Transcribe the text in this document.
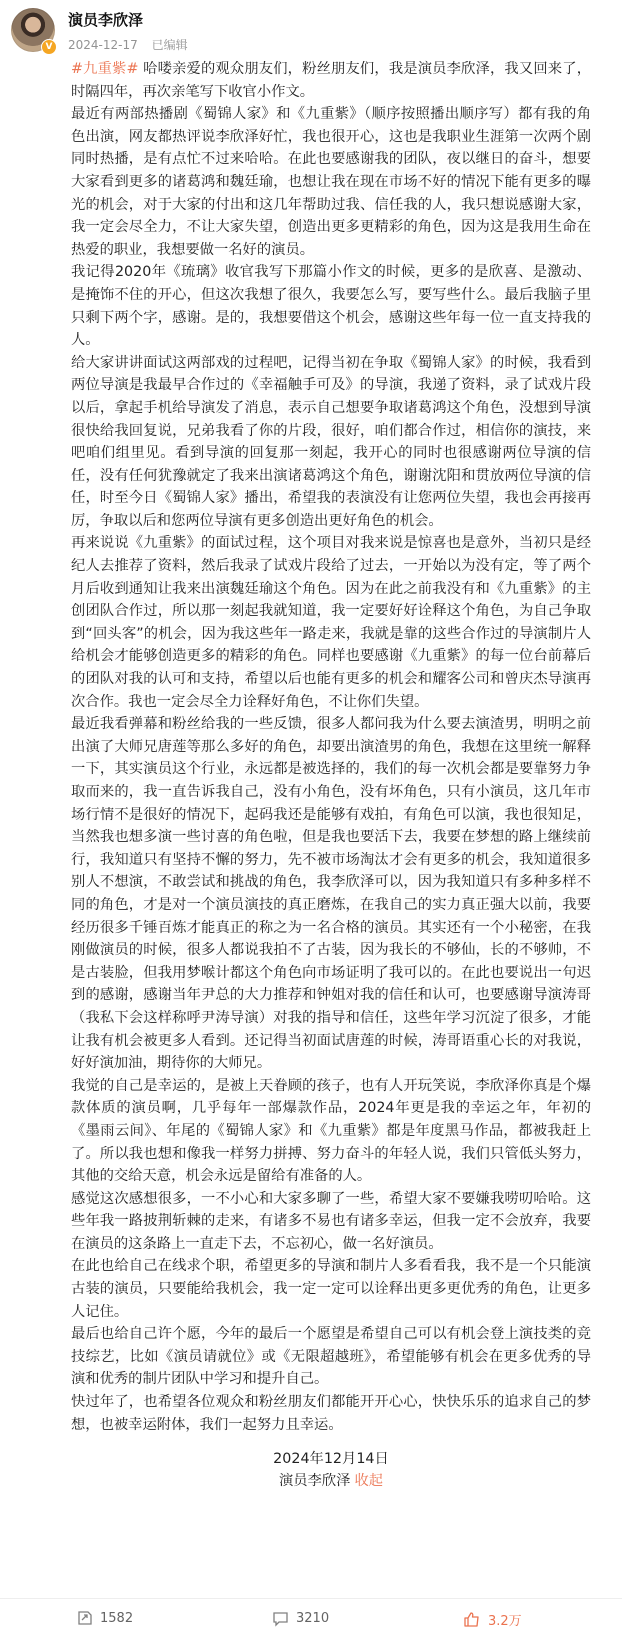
V
演员李欣泽
2024-12-17 已编辑

#九重紫# 哈喽亲爱的观众朋友们，粉丝朋友们，我是演员李欣泽，我又回来了，时隔四年，再次亲笔写下收官小作文。

最近有两部热播剧《蜀锦人家》和《九重紫》（顺序按照播出顺序写）都有我的角色出演，网友都热评说李欣泽好忙，我也很开心，这也是我职业生涯第一次两个剧同时热播，是有点忙不过来哈哈。在此也要感谢我的团队，夜以继日的奋斗，想要大家看到更多的诸葛鸿和魏廷瑜，也想让我在现在市场不好的情况下能有更多的曝光的机会，对于大家的付出和这几年帮助过我、信任我的人，我只想说感谢大家，我一定会尽全力，不让大家失望，创造出更多更精彩的角色，因为这是我用生命在热爱的职业，我想要做一名好的演员。

我记得2020年《琉璃》收官我写下那篇小作文的时候，更多的是欣喜、是激动、是掩饰不住的开心，但这次我想了很久，我要怎么写，要写些什么。最后我脑子里只剩下两个字，感谢。是的，我想要借这个机会，感谢这些年每一位一直支持我的人。

给大家讲讲面试这两部戏的过程吧，记得当初在争取《蜀锦人家》的时候，我看到两位导演是我最早合作过的《幸福触手可及》的导演，我递了资料，录了试戏片段以后，拿起手机给导演发了消息，表示自己想要争取诸葛鸿这个角色，没想到导演很快给我回复说，兄弟我看了你的片段，很好，咱们都合作过，相信你的演技，来吧咱们组里见。看到导演的回复那一刻起，我开心的同时也很感谢两位导演的信任，没有任何犹豫就定了我来出演诸葛鸿这个角色，谢谢沈阳和贯放两位导演的信任，时至今日《蜀锦人家》播出，希望我的表演没有让您两位失望，我也会再接再厉，争取以后和您两位导演有更多创造出更好角色的机会。

再来说说《九重紫》的面试过程，这个项目对我来说是惊喜也是意外，当初只是经纪人去推荐了资料，然后我录了试戏片段给了过去，一开始以为没有定，等了两个月后收到通知让我来出演魏廷瑜这个角色。因为在此之前我没有和《九重紫》的主创团队合作过，所以那一刻起我就知道，我一定要好好诠释这个角色，为自己争取到“回头客”的机会，因为我这些年一路走来，我就是靠的这些合作过的导演制片人给机会才能够创造更多的精彩的角色。同样也要感谢《九重紫》的每一位台前幕后的团队对我的认可和支持，希望以后也能有更多的机会和耀客公司和曾庆杰导演再次合作。我也一定会尽全力诠释好角色，不让你们失望。

最近我看弹幕和粉丝给我的一些反馈，很多人都问我为什么要去演渣男，明明之前出演了大师兄唐莲等那么多好的角色，却要出演渣男的角色，我想在这里统一解释一下，其实演员这个行业，永远都是被选择的，我们的每一次机会都是要靠努力争取而来的，我一直告诉我自己，没有小角色，没有坏角色，只有小演员，这几年市场行情不是很好的情况下，起码我还是能够有戏拍，有角色可以演，我也很知足，当然我也想多演一些讨喜的角色啦，但是我也要活下去，我要在梦想的路上继续前行，我知道只有坚持不懈的努力，先不被市场淘汰才会有更多的机会，我知道很多别人不想演，不敢尝试和挑战的角色，我李欣泽可以，因为我知道只有多种多样不同的角色，才是对一个演员演技的真正磨炼，在我自己的实力真正强大以前，我要经历很多千锤百炼才能真正的称之为一名合格的演员。其实还有一个小秘密，在我刚做演员的时候，很多人都说我拍不了古装，因为我长的不够仙，长的不够帅，不是古装脸，但我用梦喉计都这个角色向市场证明了我可以的。在此也要说出一句迟到的感谢，感谢当年尹总的大力推荐和钟姐对我的信任和认可，也要感谢导演涛哥（我私下会这样称呼尹涛导演）对我的指导和信任，这些年学习沉淀了很多，才能让我有机会被更多人看到。还记得当初面试唐莲的时候，涛哥语重心长的对我说，好好演加油，期待你的大师兄。

我觉的自己是幸运的，是被上天眷顾的孩子，也有人开玩笑说，李欣泽你真是个爆款体质的演员啊，几乎每年一部爆款作品，2024年更是我的幸运之年，年初的《墨雨云间》、年尾的《蜀锦人家》和《九重紫》都是年度黑马作品，都被我赶上了。所以我也想和像我一样努力拼搏、努力奋斗的年轻人说，我们只管低头努力，其他的交给天意，机会永远是留给有准备的人。

感觉这次感想很多，一不小心和大家多聊了一些，希望大家不要嫌我唠叨哈哈。这些年我一路披荆斩棘的走来，有诸多不易也有诸多幸运，但我一定不会放弃，我要在演员的这条路上一直走下去，不忘初心，做一名好演员。

在此也给自己在线求个职，希望更多的导演和制片人多看看我，我不是一个只能演古装的演员，只要能给我机会，我一定一定可以诠释出更多更优秀的角色，让更多人记住。

最后也给自己许个愿，今年的最后一个愿望是希望自己可以有机会登上演技类的竞技综艺，比如《演员请就位》或《无限超越班》，希望能够有机会在更多优秀的导演和优秀的制片团队中学习和提升自己。

快过年了，也希望各位观众和粉丝朋友们都能开开心心，快快乐乐的追求自己的梦想，也被幸运附体，我们一起努力且幸运。

2024年12月14日
演员李欣泽 收起
1582	3210	3.2万
